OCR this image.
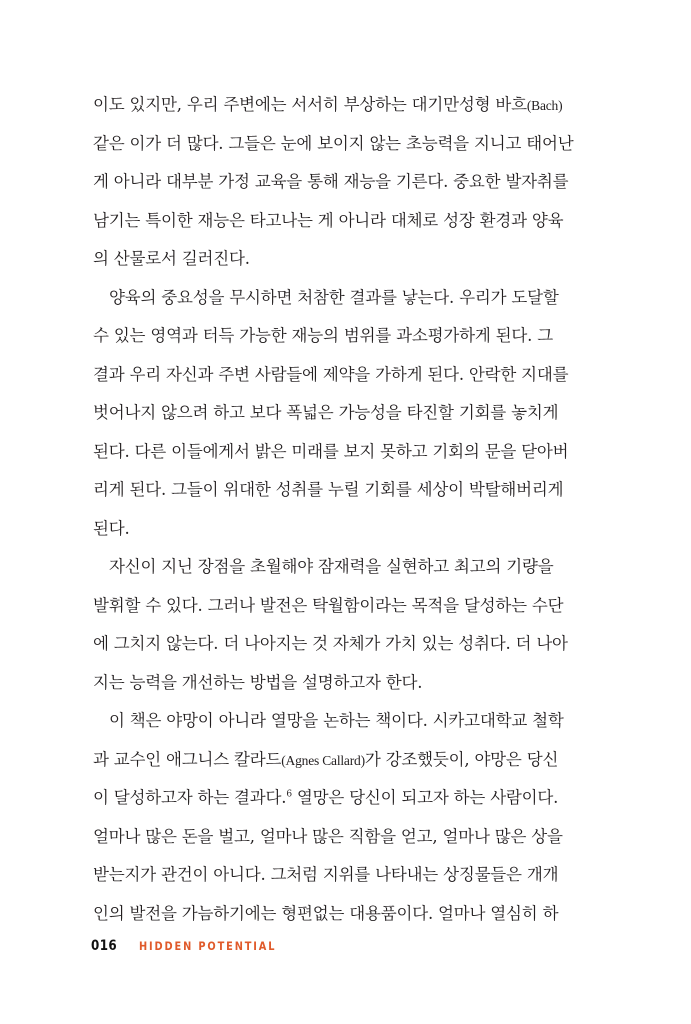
이도 있지만, 우리 주변에는 서서히 부상하는 대기만성형 바흐(Bach)
같은 이가 더 많다. 그들은 눈에 보이지 않는 초능력을 지니고 태어난
게 아니라 대부분 가정 교육을 통해 재능을 기른다. 중요한 발자취를
남기는 특이한 재능은 타고나는 게 아니라 대체로 성장 환경과 양육
의 산물로서 길러진다.
양육의 중요성을 무시하면 처참한 결과를 낳는다. 우리가 도달할
수 있는 영역과 터득 가능한 재능의 범위를 과소평가하게 된다. 그
결과 우리 자신과 주변 사람들에 제약을 가하게 된다. 안락한 지대를
벗어나지 않으려 하고 보다 폭넓은 가능성을 타진할 기회를 놓치게
된다. 다른 이들에게서 밝은 미래를 보지 못하고 기회의 문을 닫아버
리게 된다. 그들이 위대한 성취를 누릴 기회를 세상이 박탈해버리게
된다.
자신이 지닌 장점을 초월해야 잠재력을 실현하고 최고의 기량을
발휘할 수 있다. 그러나 발전은 탁월함이라는 목적을 달성하는 수단
에 그치지 않는다. 더 나아지는 것 자체가 가치 있는 성취다. 더 나아
지는 능력을 개선하는 방법을 설명하고자 한다.
이 책은 야망이 아니라 열망을 논하는 책이다. 시카고대학교 철학
과 교수인 애그니스 칼라드(Agnes Callard)가 강조했듯이, 야망은 당신
이 달성하고자 하는 결과다.$^6$ 열망은 당신이 되고자 하는 사람이다.
얼마나 많은 돈을 벌고, 얼마나 많은 직함을 얻고, 얼마나 많은 상을
받는지가 관건이 아니다. 그처럼 지위를 나타내는 상징물들은 개개
인의 발전을 가늠하기에는 형편없는 대용품이다. 얼마나 열심히 하
016	HIDDEN POTENTIAL
